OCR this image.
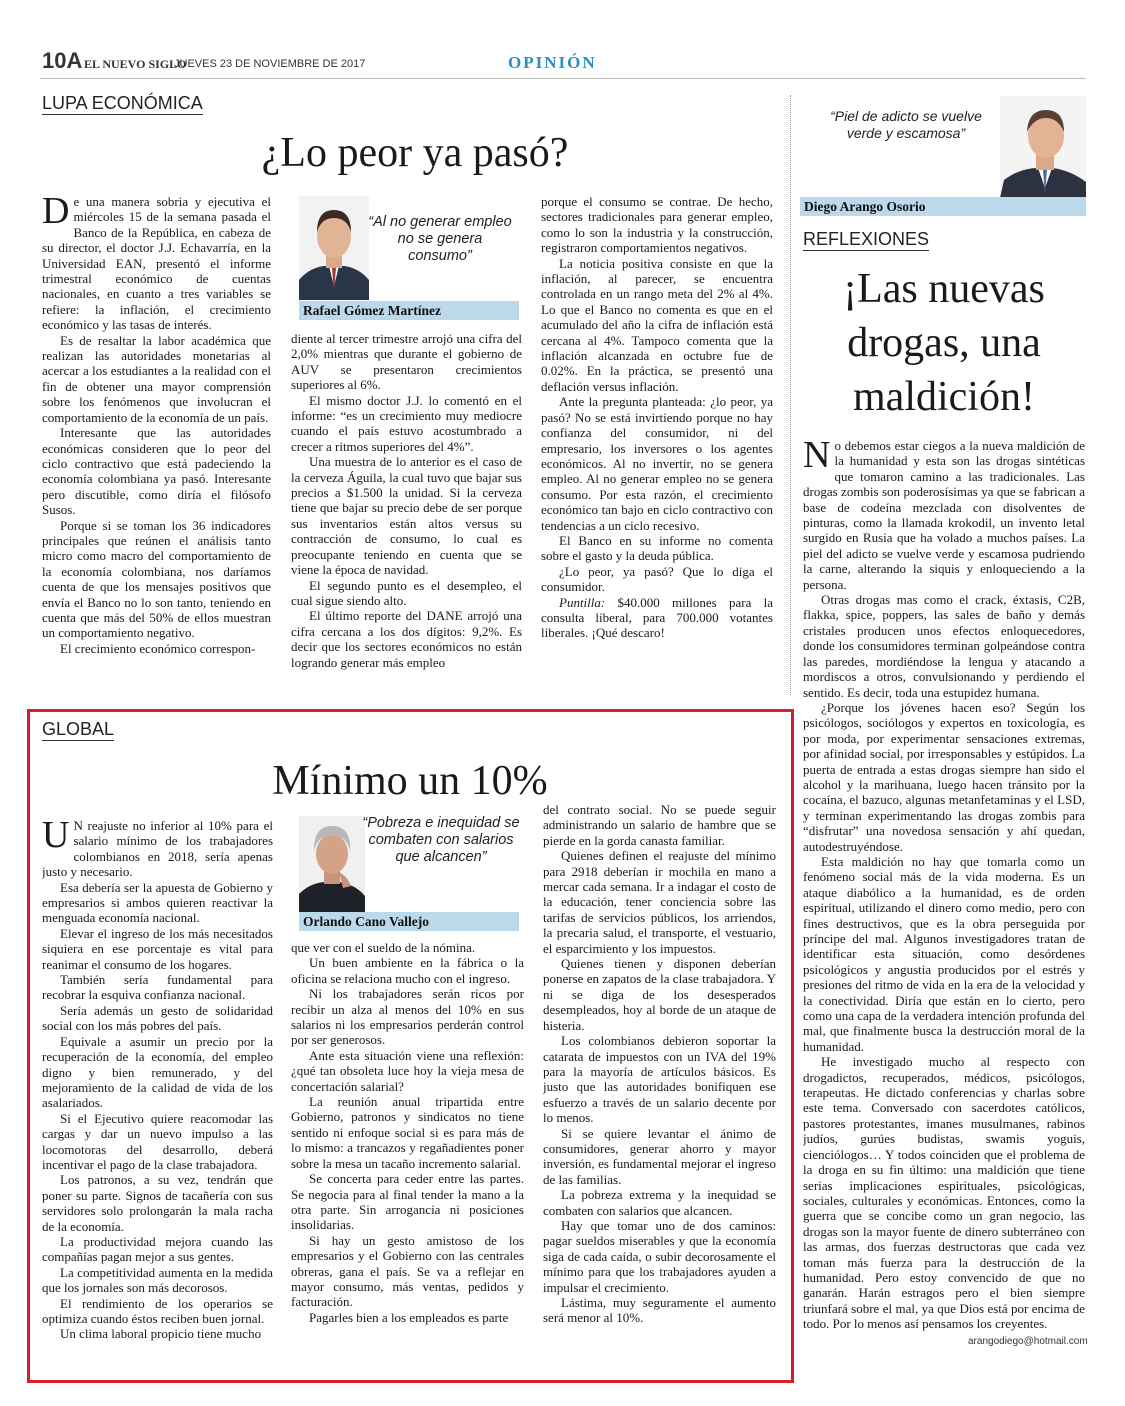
10A EL NUEVO SIGLO
JUEVES 23 DE NOVIEMBRE DE 2017	OPINIÓN
LUPA ECONÓMICA
¿Lo peor ya pasó?

De una manera sobria y ejecutiva el miércoles 15 de la semana pasada el Banco de la República, en cabeza de su director, el doctor J.J. Echavarría, en la Universidad EAN, presentó el informe trimestral económico de cuentas nacionales, en cuanto a tres variables se refiere: la inflación, el crecimiento económico y las tasas de interés.

Es de resaltar la labor académica que realizan las autoridades monetarias al acercar a los estudiantes a la realidad con el fin de obtener una mayor comprensión sobre los fenómenos que involucran el comportamiento de la economía de un país.

Interesante que las autoridades económicas consideren que lo peor del ciclo contractivo que está padeciendo la economía colombiana ya pasó. Interesante pero discutible, como diría el filósofo Susos.

Porque si se toman los 36 indicadores principales que reúnen el análisis tanto micro como macro del comportamiento de la economía colombiana, nos daríamos cuenta de que los mensajes positivos que envía el Banco no lo son tanto, teniendo en cuenta que más del 50% de ellos muestran un comportamiento negativo.

El crecimiento económico correspon-

“Al no generar empleo no se genera consumo”
Rafael Gómez Martínez

diente al tercer trimestre arrojó una cifra del 2,0% mientras que durante el gobierno de AUV se presentaron crecimientos superiores al 6%.

El mismo doctor J.J. lo comentó en el informe: “es un crecimiento muy mediocre cuando el país estuvo acostumbrado a crecer a ritmos superiores del 4%”.

Una muestra de lo anterior es el caso de la cerveza Águila, la cual tuvo que bajar sus precios a $1.500 la unidad. Si la cerveza tiene que bajar su precio debe de ser porque sus inventarios están altos versus su contracción de consumo, lo cual es preocupante teniendo en cuenta que se viene la época de navidad.

El segundo punto es el desempleo, el cual sigue siendo alto.

El último reporte del DANE arrojó una cifra cercana a los dos dígitos: 9,2%. Es decir que los sectores económicos no están logrando generar más empleo

porque el consumo se contrae. De hecho, sectores tradicionales para generar empleo, como lo son la industria y la construcción, registraron comportamientos negativos.

La noticia positiva consiste en que la inflación, al parecer, se encuentra controlada en un rango meta del 2% al 4%. Lo que el Banco no comenta es que en el acumulado del año la cifra de inflación está cercana al 4%. Tampoco comenta que la inflación alcanzada en octubre fue de 0.02%. En la práctica, se presentó una deflación versus inflación.

Ante la pregunta planteada: ¿lo peor, ya pasó? No se está invirtiendo porque no hay confianza del consumidor, ni del empresario, los inversores o los agentes económicos. Al no invertir, no se genera empleo. Al no generar empleo no se genera consumo. Por esta razón, el crecimiento económico tan bajo en ciclo contractivo con tendencias a un ciclo recesivo.

El Banco en su informe no comenta sobre el gasto y la deuda pública.

¿Lo peor, ya pasó? Que lo diga el consumidor.

Puntilla: $40.000 millones para la consulta liberal, para 700.000 votantes liberales. ¡Qué descaro!

GLOBAL
Mínimo un 10%

U N reajuste no inferior al 10% para el salario mínimo de los trabajadores colombianos en 2018, sería apenas justo y necesario.

Esa debería ser la apuesta de Gobierno y empresarios si ambos quieren reactivar la menguada economía nacional.

Elevar el ingreso de los más necesitados siquiera en ese porcentaje es vital para reanimar el consumo de los hogares.

También sería fundamental para recobrar la esquiva confianza nacional.

Sería además un gesto de solidaridad social con los más pobres del país.

Equivale a asumir un precio por la recuperación de la economía, del empleo digno y bien remunerado, y del mejoramiento de la calidad de vida de los asalariados.

Si el Ejecutivo quiere reacomodar las cargas y dar un nuevo impulso a las locomotoras del desarrollo, deberá incentivar el pago de la clase trabajadora.

Los patronos, a su vez, tendrán que poner su parte. Signos de tacañería con sus servidores solo prolongarán la mala racha de la economía.

La productividad mejora cuando las compañías pagan mejor a sus gentes.

La competitividad aumenta en la medida que los jornales son más decorosos.

El rendimiento de los operarios se optimiza cuando éstos reciben buen jornal.

Un clima laboral propicio tiene mucho

“Pobreza e inequidad se combaten con salarios que alcancen”
Orlando Cano Vallejo

que ver con el sueldo de la nómina.

Un buen ambiente en la fábrica o la oficina se relaciona mucho con el ingreso.

Ni los trabajadores serán ricos por recibir un alza al menos del 10% en sus salarios ni los empresarios perderán control por ser generosos.

Ante esta situación viene una reflexión: ¿qué tan obsoleta luce hoy la vieja mesa de concertación salarial?

La reunión anual tripartida entre Gobierno, patronos y sindicatos no tiene sentido ni enfoque social si es para más de lo mismo: a trancazos y regañadientes poner sobre la mesa un tacaño incremento salarial.

Se concerta para ceder entre las partes. Se negocia para al final tender la mano a la otra parte. Sin arrogancia ni posiciones insolidarias.

Si hay un gesto amistoso de los empresarios y el Gobierno con las centrales obreras, gana el país. Se va a reflejar en mayor consumo, más ventas, pedidos y facturación.

Pagarles bien a los empleados es parte

del contrato social. No se puede seguir administrando un salario de hambre que se pierde en la gorda canasta familiar.

Quienes definen el reajuste del mínimo para 2918 deberían ir mochila en mano a mercar cada semana. Ir a indagar el costo de la educación, tener conciencia sobre las tarifas de servicios públicos, los arriendos, la precaria salud, el transporte, el vestuario, el esparcimiento y los impuestos.

Quienes tienen y disponen deberían ponerse en zapatos de la clase trabajadora. Y ni se diga de los desesperados desempleados, hoy al borde de un ataque de histeria.

Los colombianos debieron soportar la catarata de impuestos con un IVA del 19% para la mayoría de artículos básicos. Es justo que las autoridades bonifiquen ese esfuerzo a través de un salario decente por lo menos.

Si se quiere levantar el ánimo de consumidores, generar ahorro y mayor inversión, es fundamental mejorar el ingreso de las familias.

La pobreza extrema y la inequidad se combaten con salarios que alcancen.

Hay que tomar uno de dos caminos: pagar sueldos miserables y que la economía siga de cada caída, o subir decorosamente el mínimo para que los trabajadores ayuden a impulsar el crecimiento.

Lástima, muy seguramente el aumento será menor al 10%.

“Piel de adicto se vuelve verde y escamosa”
Diego Arango Osorio
REFLEXIONES
¡Las nuevas drogas, una maldición!

No debemos estar ciegos a la nueva maldición de la humanidad y esta son las drogas sintéticas que tomaron camino a las tradicionales. Las drogas zombis son poderosísimas ya que se fabrican a base de codeína mezclada con disolventes de pinturas, como la llamada krokodil, un invento letal surgido en Rusia que ha volado a muchos países. La piel del adicto se vuelve verde y escamosa pudriendo la carne, alterando la siquis y enloqueciendo a la persona.

Otras drogas mas como el crack, éxtasis, C2B, flakka, spice, poppers, las sales de baño y demás cristales producen unos efectos enloquecedores, donde los consumidores terminan golpeándose contra las paredes, mordiéndose la lengua y atacando a mordiscos a otros, convulsionando y perdiendo el sentido. Es decir, toda una estupidez humana.

¿Porque los jóvenes hacen eso? Según los psicólogos, sociólogos y expertos en toxicología, es por moda, por experimentar sensaciones extremas, por afinidad social, por irresponsables y estúpidos. La puerta de entrada a estas drogas siempre han sido el alcohol y la marihuana, luego hacen tránsito por la cocaína, el bazuco, algunas metanfetaminas y el LSD, y terminan experimentando las drogas zombis para “disfrutar” una novedosa sensación y ahí quedan, autodestruyéndose.

Esta maldición no hay que tomarla como un fenómeno social más de la vida moderna. Es un ataque diabólico a la humanidad, es de orden espiritual, utilizando el dinero como medio, pero con fines destructivos, que es la obra perseguida por príncipe del mal. Algunos investigadores tratan de identificar esta situación, como desórdenes psicológicos y angustia producidos por el estrés y presiones del ritmo de vida en la era de la velocidad y la conectividad. Diría que están en lo cierto, pero como una capa de la verdadera intención profunda del mal, que finalmente busca la destrucción moral de la humanidad.

He investigado mucho al respecto con drogadictos, recuperados, médicos, psicólogos, terapeutas. He dictado conferencias y charlas sobre este tema. Conversado con sacerdotes católicos, pastores protestantes, imanes musulmanes, rabinos judíos, gurúes budistas, swamis yoguis, cienciólogos… Y todos coinciden que el problema de la droga en su fin último: una maldición que tiene serias implicaciones espirituales, psicológicas, sociales, culturales y económicas. Entonces, como la guerra que se concibe como un gran negocio, las drogas son la mayor fuente de dinero subterráneo con las armas, dos fuerzas destructoras que cada vez toman más fuerza para la destrucción de la humanidad. Pero estoy convencido de que no ganarán. Harán estragos pero el bien siempre triunfará sobre el mal, ya que Dios está por encima de todo. Por lo menos así pensamos los creyentes.

arangodiego@hotmail.com
